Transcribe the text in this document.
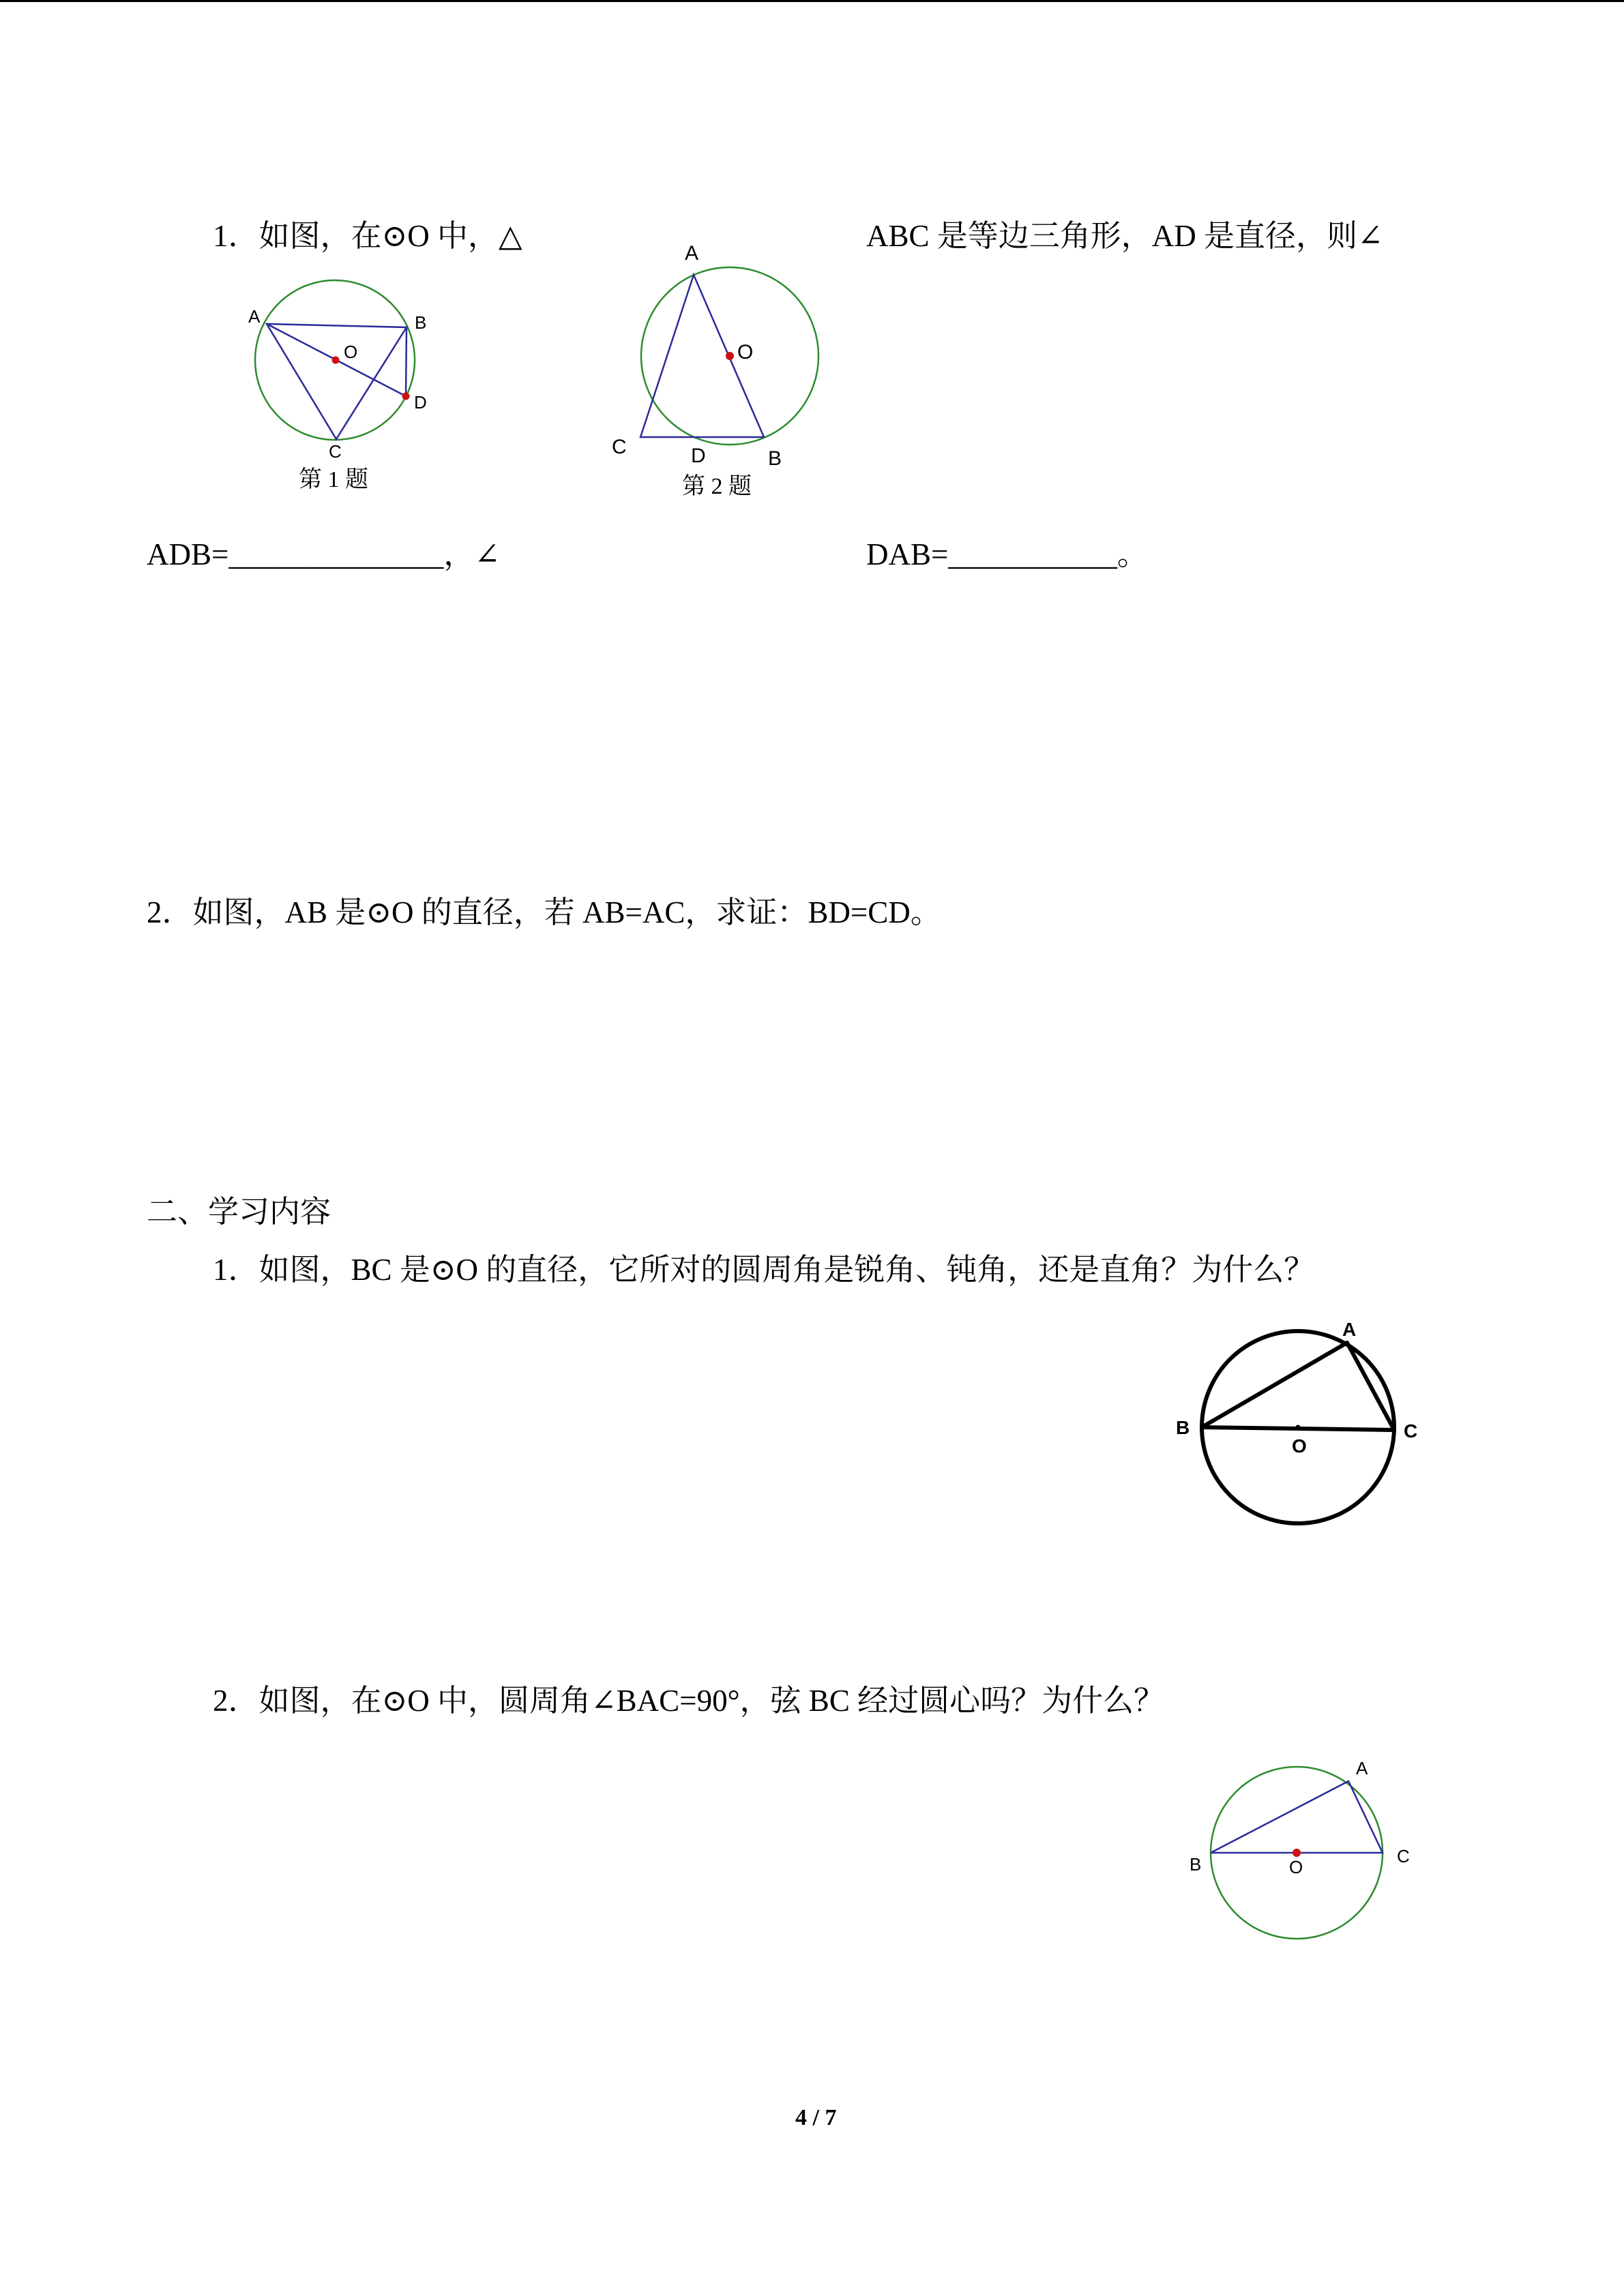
1．如图，在⊙O 中，△	ABC 是等边三角形，AD 是直径，则∠
A	B
O
D
C
第 1 题
A
O
C	D	B
第 2 题
ADB=______________，∠	DAB=___________。
2．如图，AB 是⊙O 的直径，若 AB=AC，求证：BD=CD。
二、学习内容
1．如图，BC 是⊙O 的直径，它所对的圆周角是锐角、钝角，还是直角？为什么？
A
B
O
C
2．如图，在⊙O 中，圆周角∠BAC=90°，弦 BC 经过圆心吗？为什么？
A
B	O
C
4 / 7
